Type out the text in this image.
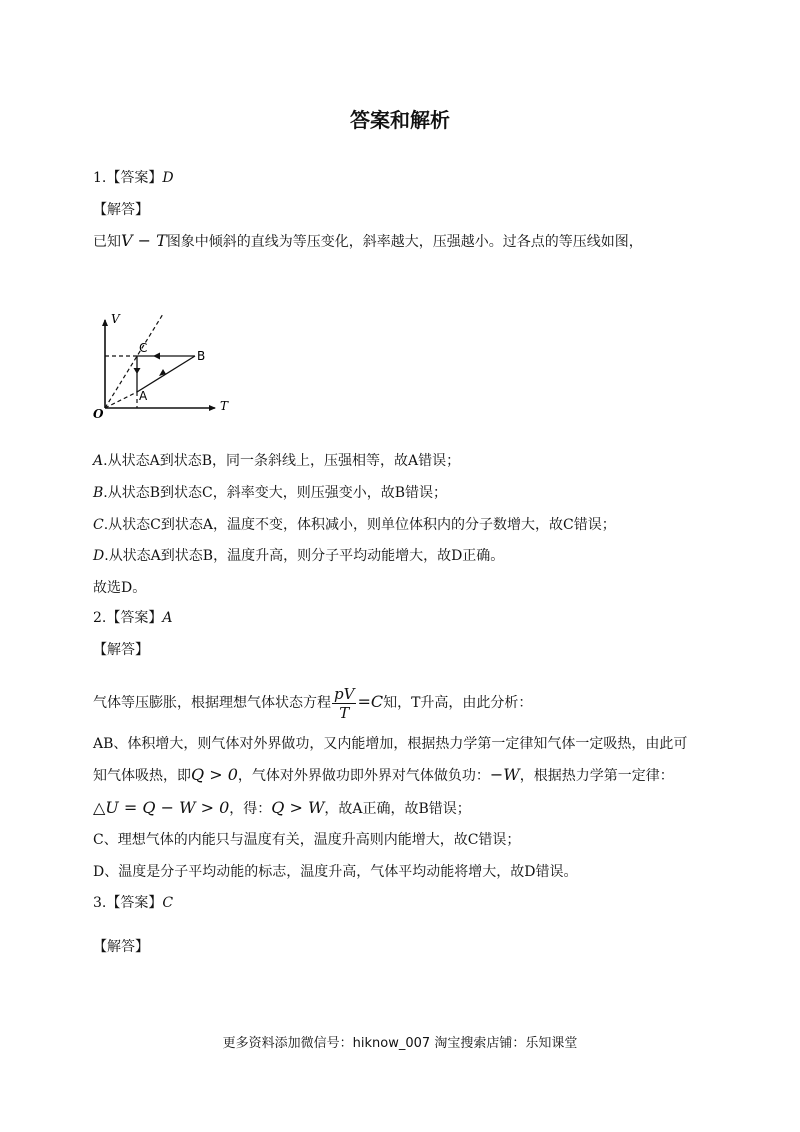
答案和解析
1.【答案】D
【解答】
已知V − T图象中倾斜的直线为等压变化，斜率越大，压强越小。过各点的等压线如图，
V
T
O
A
B
C
A.从状态A到状态B，同一条斜线上，压强相等，故A错误；
B.从状态B到状态C，斜率变大，则压强变小，故B错误；
C.从状态C到状态A，温度不变，体积减小，则单位体积内的分子数增大，故C错误；
D.从状态A到状态B，温度升高，则分子平均动能增大，故D正确。
故选D。
2.【答案】A
【解答】
气体等压膨胀，根据理想气体状态方程 $\frac{pV}{T} =C$知，T升高，由此分析：
AB、体积增大，则气体对外界做功，又内能增加，根据热力学第一定律知气体一定吸热，由此可
知气体吸热，即Q > 0，气体对外界做功即外界对气体做负功：−W，根据热力学第一定律：
△U = Q − W > 0，得：Q > W，故A正确，故B错误；
C、理想气体的内能只与温度有关，温度升高则内能增大，故C错误；
D、温度是分子平均动能的标志，温度升高，气体平均动能将增大，故D错误。
3.【答案】C
【解答】
更多资料添加微信号：hiknow_007 淘宝搜索店铺：乐知课堂
